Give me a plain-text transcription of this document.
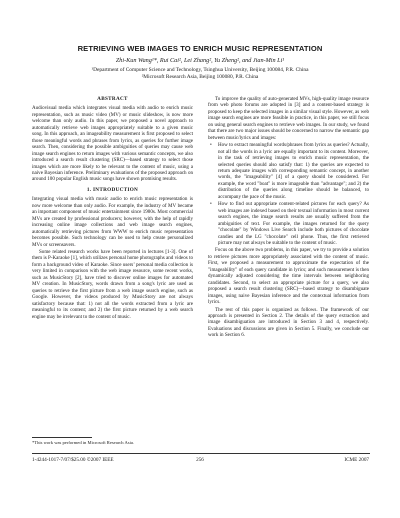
RETRIEVING WEB IMAGES TO ENRICH MUSIC REPRESENTATION
Zhi-Kun Wang¹*, Rui Cai², Lei Zhang², Yu Zheng², and Jian-Min Li¹
¹Department of Computer Science and Technology, Tsinghua University, Beijing 100084, P.R. China
²Microsoft Research Asia, Beijing 100080, P.R. China
ABSTRACT

Audiovisual media which integrates visual media with audio to enrich music representation, such as music video (MV) or music slideshow, is now more welcome than only audio. In this paper, we proposed a novel approach to automatically retrieve web images appropriately suitable to a given music song. In this approach, an imageability measurement is first proposed to select those meaningful words and phrases from lyrics, as queries for further image search. Then, considering the possible ambiguities of queries may cause web image search engines to return images with various semantic concepts, we also introduced a search result clustering (SRC)—based strategy to select those images which are more likely to be relevant to the content of music, using a naive Bayesian inference. Preliminary evaluations of the proposed approach on around 100 popular English music songs have shown promising results.

1. INTRODUCTION

Integrating visual media with music audio to enrich music representation is now more welcome than only audio. For example, the industry of MV became an important component of music entertainment since 1980s. Most commercial MVs are created by professional producers; however, with the help of rapidly increasing online image collections and web image search engines, automatically retrieving pictures from WWW to enrich music representation becomes possible. Such technology can be used to help create personalized MVs or screensavers.

Some related research works have been reported in lectures [1-3]. One of them is P-Karaoke [1], which utilizes personal home photographs and videos to form a background video of Karaoke. Since users’ personal media collection is very limited in comparison with the web image resource, some recent works, such as MusicStory [2], have tried to discover online images for automated MV creation. In MusicStory, words drawn from a song's lyric are used as queries to retrieve the first picture from a web image search engine, such as Google. However, the videos produced by MusicStory are not always satisfactory because that: 1) not all the words extracted from a lyric are meaningful to its content; and 2) the first picture returned by a web search engine may be irrelevant to the content of music.

*This work was performed in Microsoft Research Asia.

To improve the quality of auto-generated MVs, high-quality image resource from web photo forums are adopted in [3] and a content-based strategy is proposed to keep the selected images in a similar visual style. However, as web image search engines are more feasible in practice, in this paper, we still focus on using general search engines to retrieve web images. In our study, we found that there are two major issues should be concerned to narrow the semantic gap between music/lyrics and images:

• How to extract meaningful words/phrases from lyrics as queries? Actually, not all the words in a lyric are equally important to its content. Moreover, in the task of retrieving images to enrich music representation, the selected queries should also satisfy that: 1) the queries are expected to return adequate images with corresponding semantic concept, in another words, the "imageability" [4] of a query should be considered. For example, the word "boat" is more imageable than "advantage"; and 2) the distribution of the queries along timeline should be balanced, to accompany the pace of the music.
• How to find out appropriate content-related pictures for each query? As web images are indexed based on their textual information in most current search engines, the image search results are usually suffered from the ambiguities of text. For example, the images returned for the query "chocolate" by Windows Live Search include both pictures of chocolate candies and the LG "chocolate" cell phone. Thus, the first retrieved picture may not always be suitable to the content of music.

Focus on the above two problems, in this paper, we try to provide a solution to retrieve pictures more appropriately associated with the content of music. First, we proposed a measurement to approximate the expectation of the "imageability" of each query candidate in lyrics; and such measurement is then dynamically adjusted considering the time intervals between neighboring candidates. Second, to select an appropriate picture for a query, we also proposed a search result clustering (SRC)—based strategy to disambiguate images, using naive Bayesian inference and the contextual information from lyrics.

The rest of this paper is organized as follows. The framework of our approach is presented in Section 2. The details of the query extraction and image disambiguation are introduced in Section 3 and 4, respectively. Evaluations and discussions are given in Section 5. Finally, we conclude our work in Section 6.

1-4244-1017-7/07/$25.00 ©2007 IEEE	256	ICME 2007
